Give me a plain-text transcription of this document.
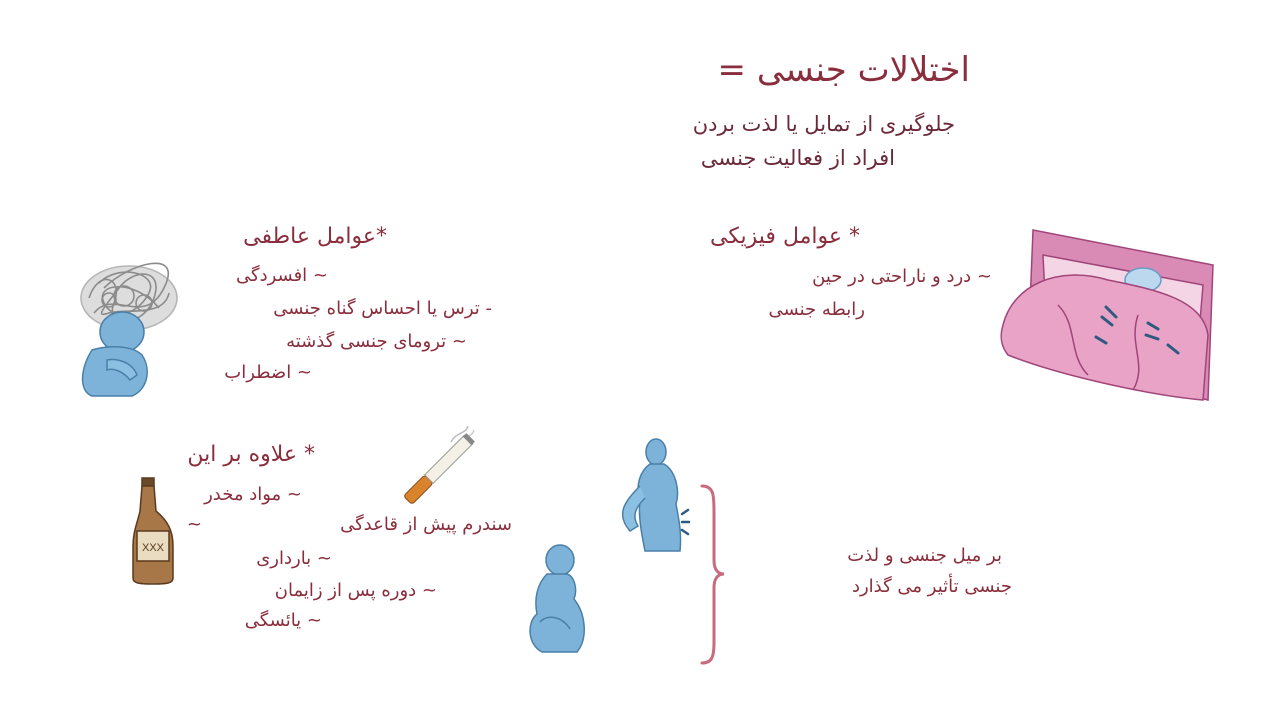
اختلالات جنسی =
جلوگیری از تمایل یا لذت بردن
افراد از فعالیت جنسی
*عوامل عاطفی
~ افسردگی
- ترس یا احساس گناه جنسی
~ ترومای جنسی گذشته
~ اضطراب
* عوامل فیزیکی
~ درد و ناراحتی در حین
رابطه جنسی
* علاوه بر این
~ مواد مخدر
~	سندرم پیش از قاعدگی
~ بارداری
~ دوره پس از زایمان
~ یائسگی
بر میل جنسی و لذت
جنسی تأثیر می گذارد
XXX
